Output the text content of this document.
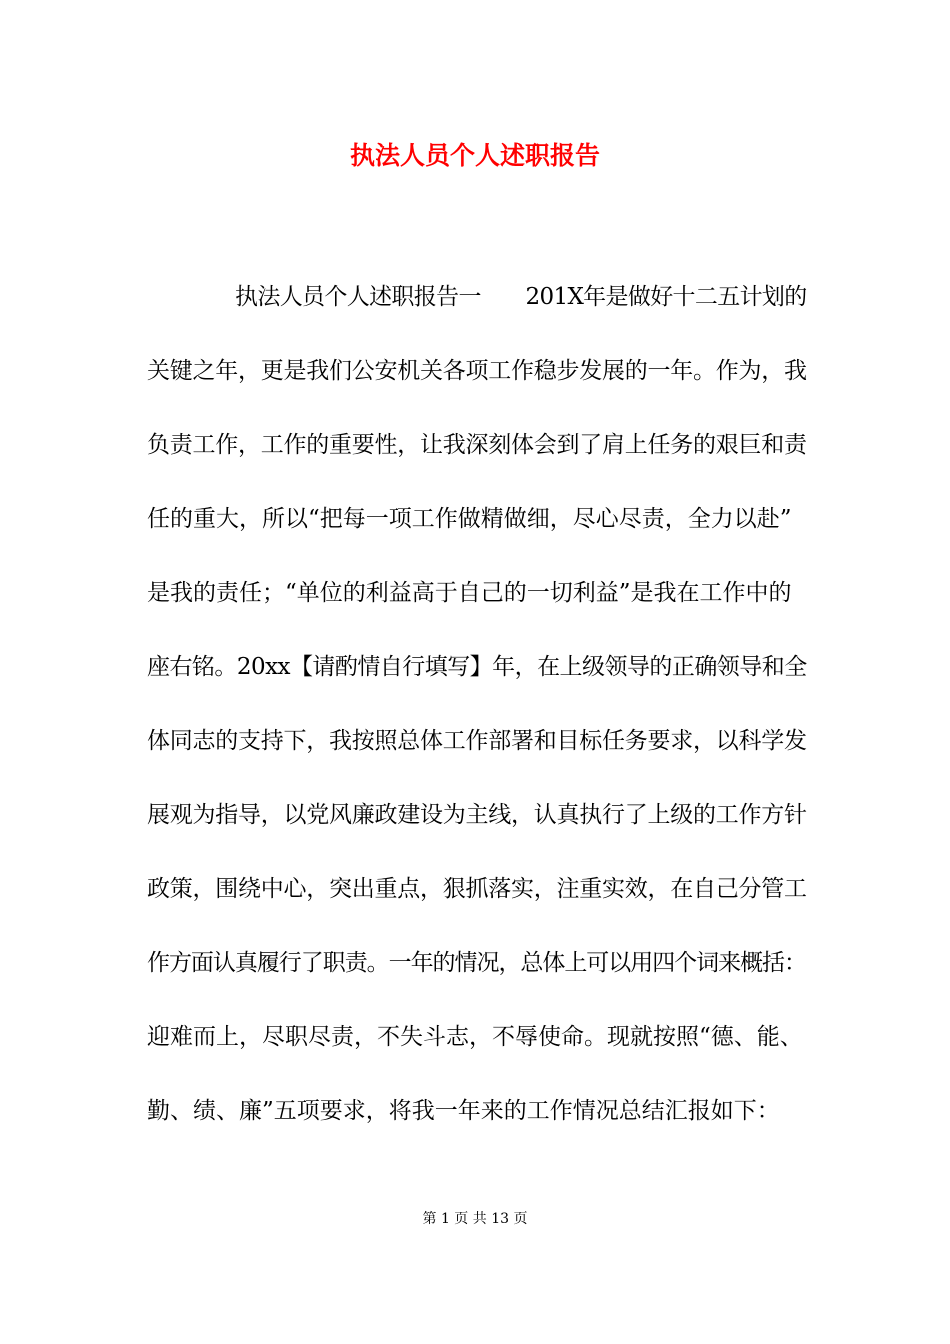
执法人员个人述职报告

执法人员个人述职报告一　　201X年是做好十二五计划的

关键之年，更是我们公安机关各项工作稳步发展的一年。作为，我

负责工作，工作的重要性，让我深刻体会到了肩上任务的艰巨和责

任的重大，所以“把每一项工作做精做细，尽心尽责，全力以赴”

是我的责任；“单位的利益高于自己的一切利益”是我在工作中的

座右铭。20xx【请酌情自行填写】年，在上级领导的正确领导和全

体同志的支持下，我按照总体工作部署和目标任务要求，以科学发

展观为指导，以党风廉政建设为主线，认真执行了上级的工作方针

政策，围绕中心，突出重点，狠抓落实，注重实效，在自己分管工

作方面认真履行了职责。一年的情况，总体上可以用四个词来概括：

迎难而上，尽职尽责，不失斗志，不辱使命。现就按照“德、能、

勤、绩、廉”五项要求，将我一年来的工作情况总结汇报如下：

第 1 页 共 13 页
